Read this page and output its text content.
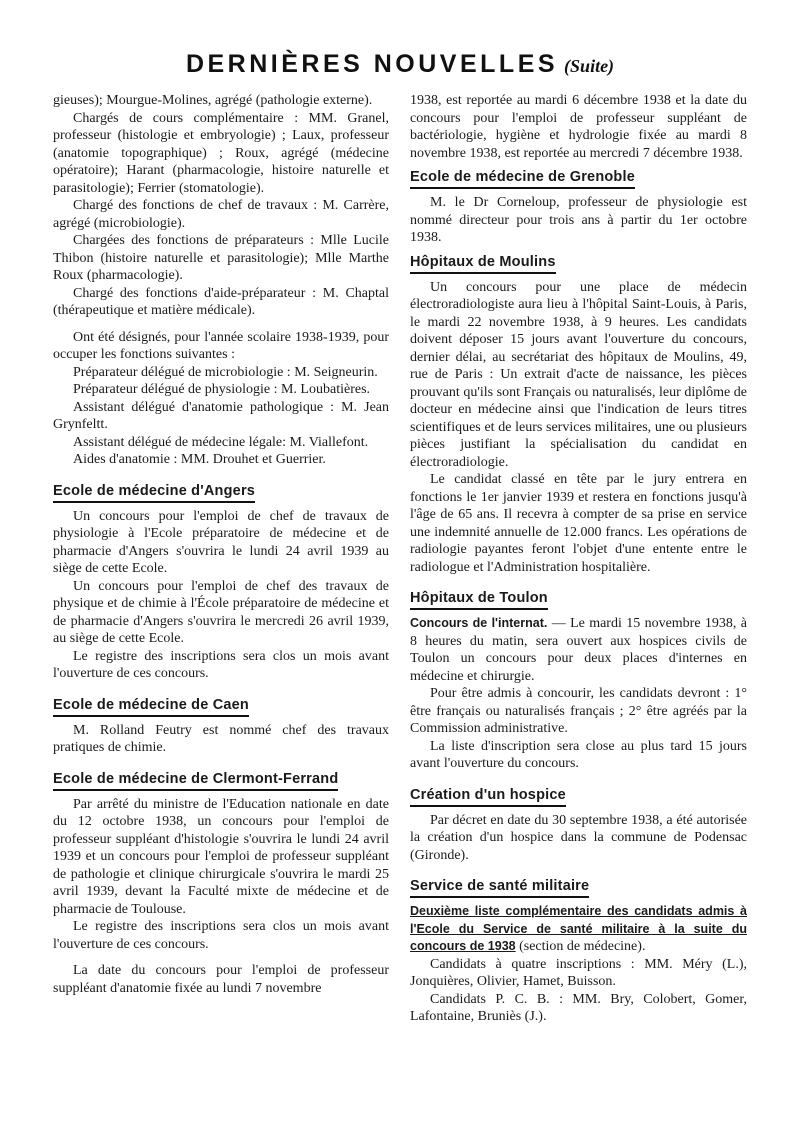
DERNIÈRES NOUVELLES (Suite)

gieuses); Mourgue-Molines, agrégé (pathologie externe).

Chargés de cours complémentaire : MM. Granel, professeur (histologie et embryologie) ; Laux, professeur (anatomie topographique) ; Roux, agrégé (médecine opératoire); Harant (pharmacologie, histoire naturelle et parasitologie); Ferrier (stomatologie).

Chargé des fonctions de chef de travaux : M. Carrère, agrégé (microbiologie).

Chargées des fonctions de préparateurs : Mlle Lucile Thibon (histoire naturelle et parasitologie); Mlle Marthe Roux (pharmacologie).

Chargé des fonctions d'aide-préparateur : M. Chaptal (thérapeutique et matière médicale).

Ont été désignés, pour l'année scolaire 1938-1939, pour occuper les fonctions suivantes :

Préparateur délégué de microbiologie : M. Seigneurin.

Préparateur délégué de physiologie : M. Loubatières.

Assistant délégué d'anatomie pathologique : M. Jean Grynfeltt.

Assistant délégué de médecine légale: M. Viallefont.

Aides d'anatomie : MM. Drouhet et Guerrier.

Ecole de médecine d'Angers

Un concours pour l'emploi de chef de travaux de physiologie à l'Ecole préparatoire de médecine et de pharmacie d'Angers s'ouvrira le lundi 24 avril 1939 au siège de cette Ecole.

Un concours pour l'emploi de chef des travaux de physique et de chimie à l'École préparatoire de médecine et de pharmacie d'Angers s'ouvrira le mercredi 26 avril 1939, au siège de cette Ecole.

Le registre des inscriptions sera clos un mois avant l'ouverture de ces concours.

Ecole de médecine de Caen

M. Rolland Feutry est nommé chef des travaux pratiques de chimie.

Ecole de médecine de Clermont-Ferrand

Par arrêté du ministre de l'Education nationale en date du 12 octobre 1938, un concours pour l'emploi de professeur suppléant d'histologie s'ouvrira le lundi 24 avril 1939 et un concours pour l'emploi de professeur suppléant de pathologie et clinique chirurgicale s'ouvrira le mardi 25 avril 1939, devant la Faculté mixte de médecine et de pharmacie de Toulouse.

Le registre des inscriptions sera clos un mois avant l'ouverture de ces concours.

La date du concours pour l'emploi de professeur suppléant d'anatomie fixée au lundi 7 novembre

1938, est reportée au mardi 6 décembre 1938 et la date du concours pour l'emploi de professeur suppléant de bactériologie, hygiène et hydrologie fixée au mardi 8 novembre 1938, est reportée au mercredi 7 décembre 1938.

Ecole de médecine de Grenoble

M. le Dr Corneloup, professeur de physiologie est nommé directeur pour trois ans à partir du 1er octobre 1938.

Hôpitaux de Moulins

Un concours pour une place de médecin électroradiologiste aura lieu à l'hôpital Saint-Louis, à Paris, le mardi 22 novembre 1938, à 9 heures. Les candidats doivent déposer 15 jours avant l'ouverture du concours, dernier délai, au secrétariat des hôpitaux de Moulins, 49, rue de Paris : Un extrait d'acte de naissance, les pièces prouvant qu'ils sont Français ou naturalisés, leur diplôme de docteur en médecine ainsi que l'indication de leurs titres scientifiques et de leurs services militaires, une ou plusieurs pièces justifiant la spécialisation du candidat en électroradiologie.

Le candidat classé en tête par le jury entrera en fonctions le 1er janvier 1939 et restera en fonctions jusqu'à l'âge de 65 ans. Il recevra à compter de sa prise en service une indemnité annuelle de 12.000 francs. Les opérations de radiologie payantes feront l'objet d'une entente entre le radiologue et l'Administration hospitalière.

Hôpitaux de Toulon

Concours de l'internat. — Le mardi 15 novembre 1938, à 8 heures du matin, sera ouvert aux hospices civils de Toulon un concours pour deux places d'internes en médecine et chirurgie.

Pour être admis à concourir, les candidats devront : 1° être français ou naturalisés français ; 2° être agréés par la Commission administrative.

La liste d'inscription sera close au plus tard 15 jours avant l'ouverture du concours.

Création d'un hospice

Par décret en date du 30 septembre 1938, a été autorisée la création d'un hospice dans la commune de Podensac (Gironde).

Service de santé militaire

Deuxième liste complémentaire des candidats admis à l'Ecole du Service de santé militaire à la suite du concours de 1938 (section de médecine).

Candidats à quatre inscriptions : MM. Méry (L.), Jonquières, Olivier, Hamet, Buisson.

Candidats P. C. B. : MM. Bry, Colobert, Gomer, Lafontaine, Bruniès (J.).
